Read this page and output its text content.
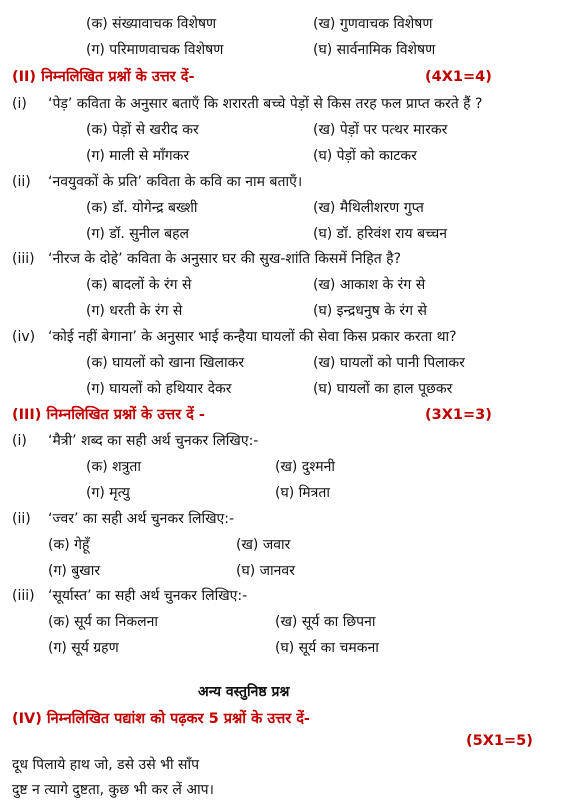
(क) संख्यावाचक विशेषण	(ख) गुणवाचक विशेषण
(ग) परिमाणवाचक विशेषण	(घ) सार्वनामिक विशेषण
(II) निम्नलिखित प्रश्नों के उत्तर दें-	(4X1=4)
(i) ‘पेड़’ कविता के अनुसार बताएँ कि शरारती बच्चे पेड़ों से किस तरह फल प्राप्त करते हैं ?
(क) पेड़ों से खरीद कर	(ख) पेड़ों पर पत्थर मारकर
(ग) माली से माँगकर	(घ) पेड़ों को काटकर
(ii) ‘नवयुवकों के प्रति’ कविता के कवि का नाम बताएँ।
(क) डॉ. योगेन्द्र बख्शी	(ख) मैथिलीशरण गुप्त
(ग) डॉ. सुनील बहल	(घ) डॉ. हरिवंश राय बच्चन
(iii) ‘नीरज के दोहे’ कविता के अनुसार घर की सुख-शांति किसमें निहित है?
(क) बादलों के रंग से	(ख) आकाश के रंग से
(ग) धरती के रंग से	(घ) इन्द्रधनुष के रंग से
(iv) ‘कोई नहीं बेगाना’ के अनुसार भाई कन्हैया घायलों की सेवा किस प्रकार करता था?
(क) घायलों को खाना खिलाकर	(ख) घायलों को पानी पिलाकर
(ग) घायलों को हथियार देकर	(घ) घायलों का हाल पूछकर
(III) निम्नलिखित प्रश्नों के उत्तर दें -	(3X1=3)
(i) ‘मैत्री’ शब्द का सही अर्थ चुनकर लिखिए:-
(क) शत्रुता	(ख) दुश्मनी
(ग) मृत्यु	(घ) मित्रता
(ii) ‘ज्वर’ का सही अर्थ चुनकर लिखिए:-
(क) गेहूँ	(ख) जवार
(ग) बुखार	(घ) जानवर
(iii) ‘सूर्यास्त’ का सही अर्थ चुनकर लिखिए:-
(क) सूर्य का निकलना	(ख) सूर्य का छिपना
(ग) सूर्य ग्रहण	(घ) सूर्य का चमकना
अन्य वस्तुनिष्ठ प्रश्न
(IV) निम्नलिखित पद्यांश को पढ़कर 5 प्रश्नों के उत्तर दें-
(5X1=5)
दूध पिलाये हाथ जो, डसे उसे भी साँप
दुष्ट न त्यागे दुष्टता, कुछ भी कर लें आप।
